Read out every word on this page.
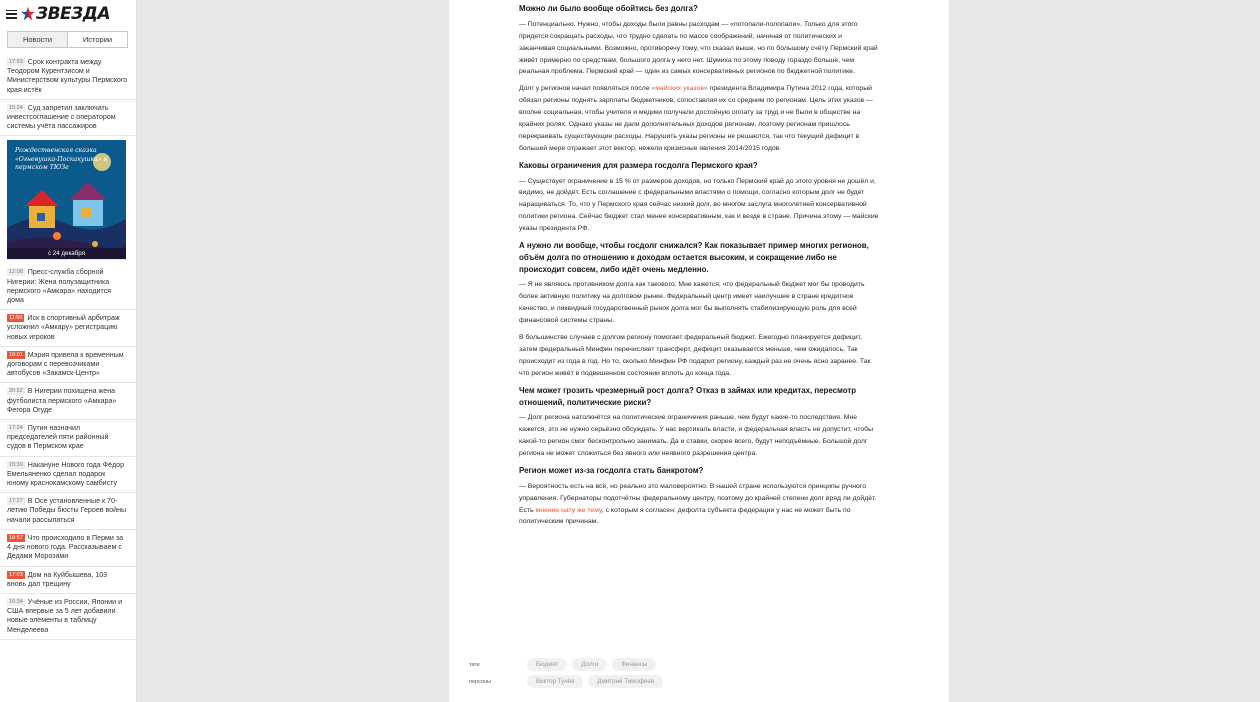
ЗВЕЗДА
Новости	Истории
17:53 Срок контракта между Теодором Курентзисом и Министерством культуры Пермского края истёк
15:24 Суд запретил заключать инвестсоглашение с оператором системы учёта пассажиров
Рождественская сказка «Огневушка-Поскакушка» в пермском ТЮЗе
с 24 декабря
12:08 Пресс-служба сборной Нигерии: Жена полузащитника пермского «Амкара» находится дома
11:50 Иск в спортивный арбитраж усложнил «Амкару» регистрацию новых игроков
18:01 Мэрия привела к временным договорам с перевозчиками автобусов «Закамск-Центр»
20:52 В Нигерии похищена жена футболиста пермского «Амкара» Фегора Огуде
17:24 Путин назначил председателей пяти районный судов в Пермском крае
15:30 Накануне Нового года Фёдор Емельяненко сделал подарок юному краснокамскому самбисту
17:27 В Осе установленные к 70-летию Победы бюсты Героев войны начали рассыпаться
18:57 Что происходило в Перми за 4 дня нового года. Рассказываем с Дедами Морозами
17:03 Дом на Куйбышева, 103 вновь дал трещину
16:34 Учёные из России, Японии и США впервые за 5 лет добавили новые элементы в таблицу Менделеева
Можно ли было вообще обойтись без долга?

— Потенциально. Нужно, чтобы доходы были равны расходам — «потопали-полопали». Только для этого придется сокращать расходы, что трудно сделать по массе соображений, начиная от политических и заканчивая социальными. Возможно, противоречу тому, что сказал выше, но по большому счёту Пермский край живёт примерно по средствам, большого долга у него нет. Шумиха по этому поводу гораздо больше, чем реальная проблема. Пермский край — один из самых консервативных регионов по бюджетной политике.

Долг у регионов начал появляться после «майских указов» президента Владимира Путина 2012 года, который обязал регионы поднять зарплаты бюджетников, сопоставляя их со средним по регионам. Цель этих указов — вполне социальная, чтобы учителя и медики получали достойную оплату за труд и не были в обществе на крайних ролях. Однако указы не дали дополнительных доходов регионам, поэтому регионам пришлось перекраивать существующие расходы. Нарушить указы регионы не решаются, так что текущий дефицит в большей мере отражает этот вектор, нежели кризисные явления 2014/2015 годов.

Каковы ограничения для размера госдолга Пермского края?

— Существует ограничение в 15 % от размеров доходов, но только Пермский край до этого уровня не дошёл и, видимо, не дойдёт. Есть соглашение с федеральными властями о помощи, согласно которым долг не будет наращиваться. То, что у Пермского края сейчас низкий долг, во многом заслуга многолетней консервативной политики региона. Сейчас бюджет стал менее консервативным, как и везде в стране. Причина этому — майские указы президента РФ.

А нужно ли вообще, чтобы госдолг снижался? Как показывает пример многих регионов, объём долга по отношению к доходам остается высоким, и сокращение либо не происходит совсем, либо идёт очень медленно.

— Я не являюсь противником долга как такового. Мне кажется, что федеральный бюджет мог бы проводить более активную политику на долговом рынке. Федеральный центр имеет наилучшее в стране кредитное качество, и ликвидный государственный рынок долга мог бы выполнять стабилизирующую роль для всей финансовой системы страны.

В большинстве случаев с долгом региону помогает федеральный бюджет. Ежегодно планируется дефицит, затем федеральный Минфин перечисляет трансферт, дефицит оказывается меньше, чем ожидалось. Так происходит из года в год. Но то, сколько Минфин РФ подарит региону, каждый раз не очень ясно заранее. Так что регион живёт в подвешенном состоянии вплоть до конца года.

Чем может грозить чрезмерный рост долга? Отказ в займах или кредитах, пересмотр отношений, политические риски?

— Долг региона натолкнётся на политические ограничения раньше, чем будут какие-то последствия. Мне кажется, это не нужно серьёзно обсуждать. У нас вертикаль власти, и федеральная власть не допустит, чтобы какой-то регион смог бесконтрольно занимать. Да и ставки, скорее всего, будут неподъёмные. Большой долг региона не может сложиться без явного или неявного разрешения центра.

Регион может из-за госдолга стать банкротом?

— Вероятность есть на всё, но реально это маловероятно. В нашей стране используются принципы ручного управления. Губернаторы подотчётны федеральному центру, поэтому до крайней степени долг вряд ли дойдёт. Есть мнение нату же тему, с которым я согласен: дефолта субъекта федерации у нас не может быть по политическим причинам.

теги	Бюджет	Долги	Финансы
персоны	Виктор Тунёв	Дмитрий Тимофеев
